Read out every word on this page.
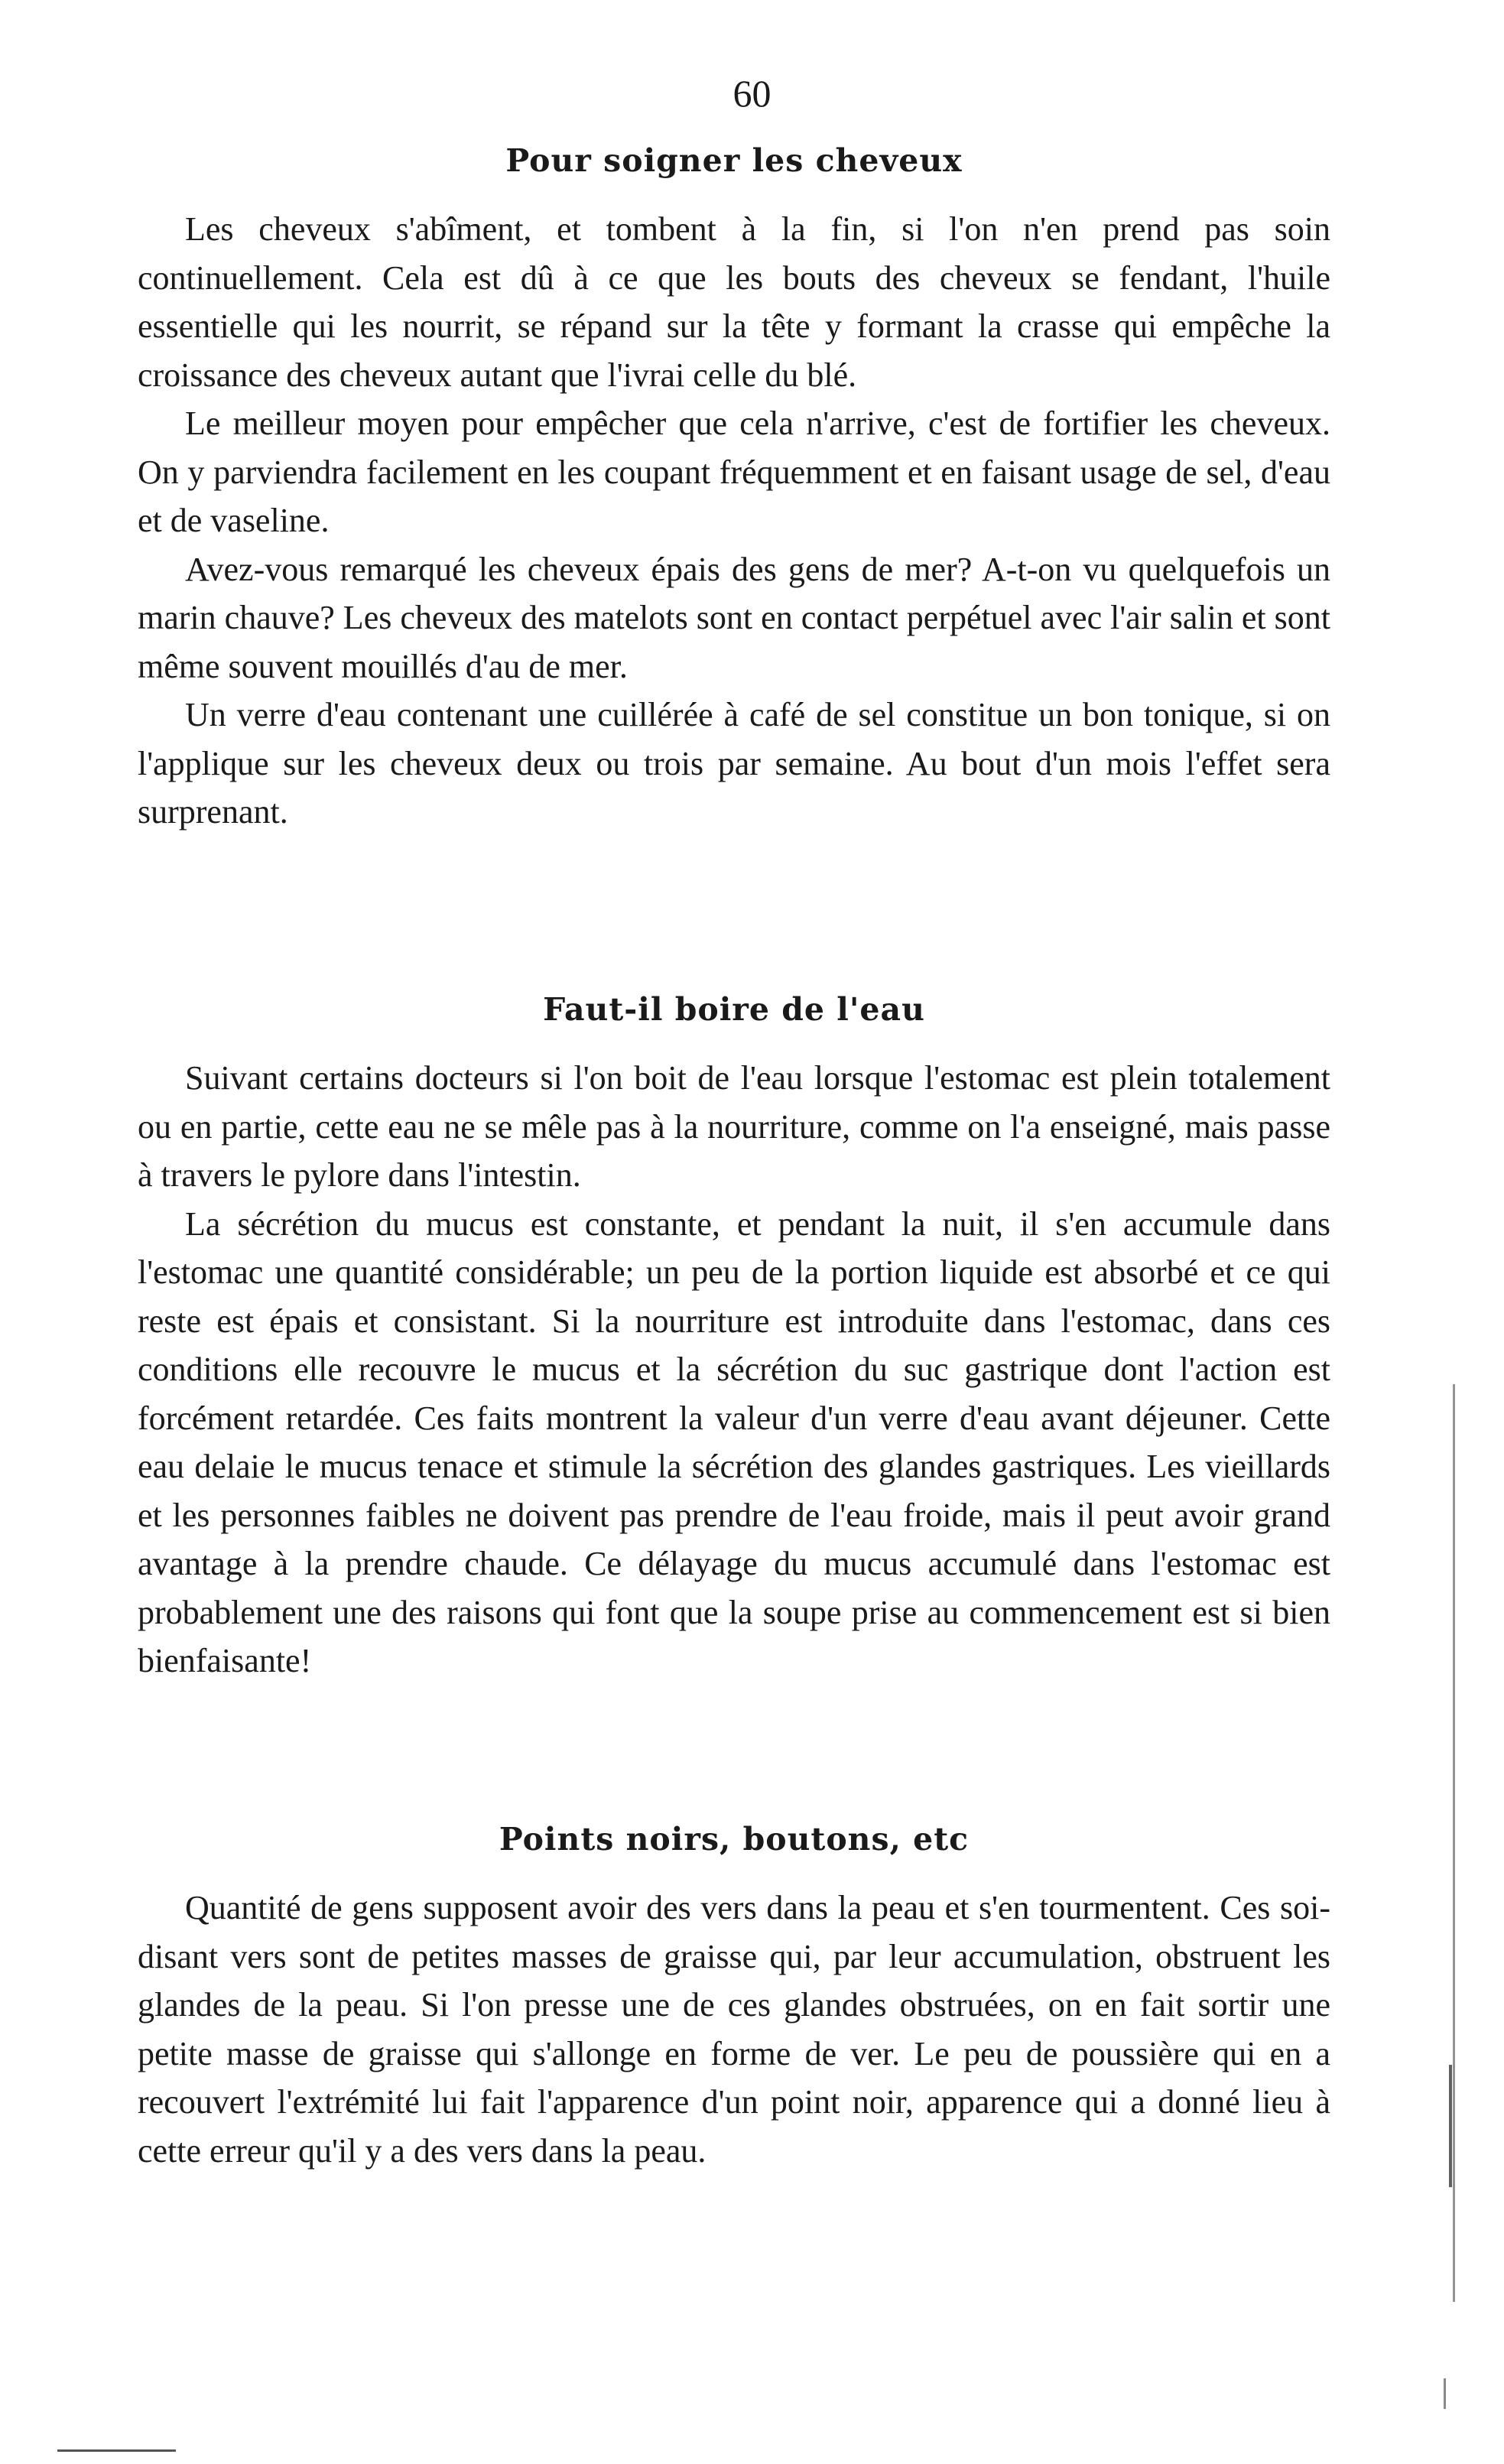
60
Pour soigner les cheveux

Les cheveux s'abîment, et tombent à la fin, si l'on n'en prend pas soin continuellement. Cela est dû à ce que les bouts des cheveux se fendant, l'huile essentielle qui les nourrit, se répand sur la tête y formant la crasse qui empêche la croissance des cheveux autant que l'ivrai celle du blé.

Le meilleur moyen pour empêcher que cela n'arrive, c'est de fortifier les cheveux. On y parviendra facilement en les coupant fréquemment et en faisant usage de sel, d'eau et de vaseline.

Avez-vous remarqué les cheveux épais des gens de mer? A-t-on vu quelquefois un marin chauve? Les cheveux des matelots sont en contact perpétuel avec l'air salin et sont même souvent mouillés d'au de mer.

Un verre d'eau contenant une cuillérée à café de sel constitue un bon tonique, si on l'applique sur les cheveux deux ou trois par semaine. Au bout d'un mois l'effet sera surprenant.

Faut-il boire de l'eau

Suivant certains docteurs si l'on boit de l'eau lorsque l'estomac est plein totalement ou en partie, cette eau ne se mêle pas à la nourriture, comme on l'a enseigné, mais passe à travers le pylore dans l'intestin.

La sécrétion du mucus est constante, et pendant la nuit, il s'en accumule dans l'estomac une quantité considérable; un peu de la portion liquide est absorbé et ce qui reste est épais et consistant. Si la nourriture est introduite dans l'estomac, dans ces conditions elle recouvre le mucus et la sécrétion du suc gastrique dont l'action est forcément retardée. Ces faits montrent la valeur d'un verre d'eau avant déjeuner. Cette eau delaie le mucus tenace et stimule la sécrétion des glandes gastriques. Les vieillards et les personnes faibles ne doivent pas prendre de l'eau froide, mais il peut avoir grand avantage à la prendre chaude. Ce délayage du mucus accumulé dans l'estomac est probablement une des raisons qui font que la soupe prise au commencement est si bien bienfaisante!

Points noirs, boutons, etc

Quantité de gens supposent avoir des vers dans la peau et s'en tourmentent. Ces soi-disant vers sont de petites masses de graisse qui, par leur accumulation, obstruent les glandes de la peau. Si l'on presse une de ces glandes obstruées, on en fait sortir une petite masse de graisse qui s'allonge en forme de ver. Le peu de poussière qui en a recouvert l'extrémité lui fait l'apparence d'un point noir, apparence qui a donné lieu à cette erreur qu'il y a des vers dans la peau.
